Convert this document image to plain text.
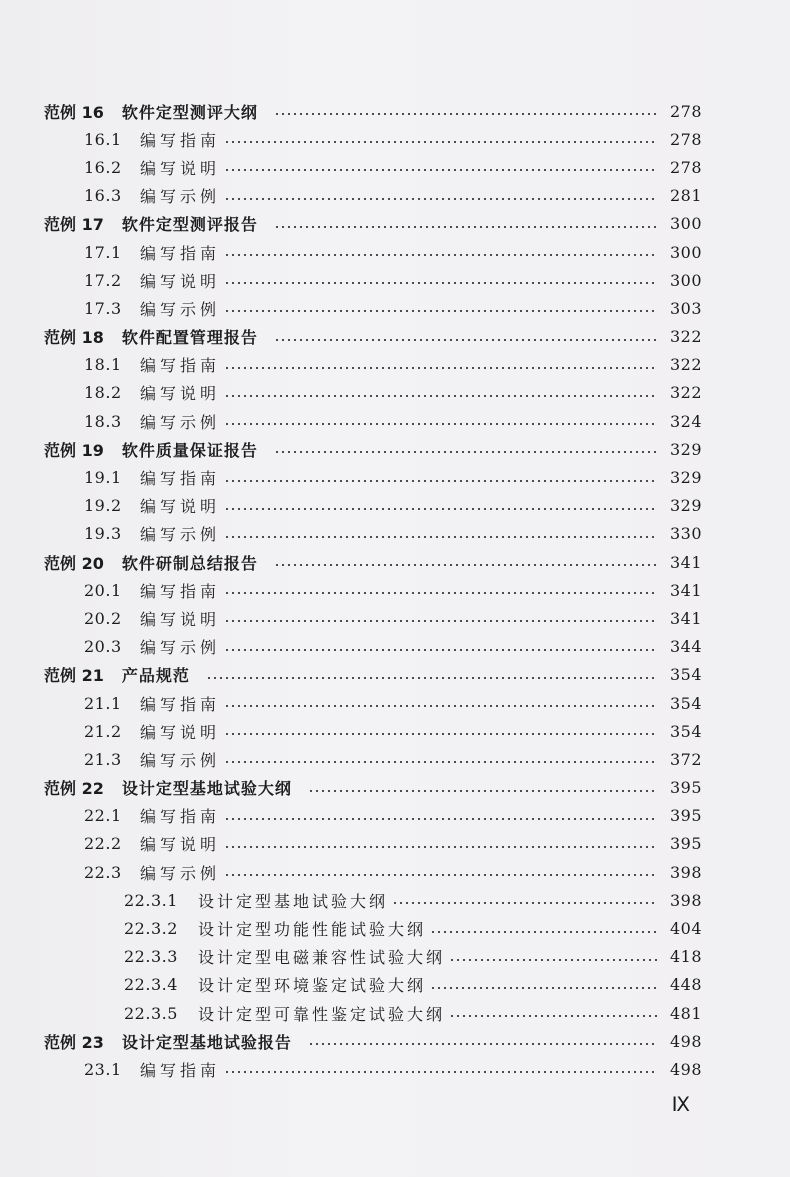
范例 16 软件定型测评大纲	278
16.1	编写指南	278
16.2	编写说明	278
16.3	编写示例	281
范例 17 软件定型测评报告	300
17.1	编写指南	300
17.2	编写说明	300
17.3	编写示例	303
范例 18 软件配置管理报告	322
18.1	编写指南	322
18.2	编写说明	322
18.3	编写示例	324
范例 19 软件质量保证报告	329
19.1	编写指南	329
19.2	编写说明	329
19.3	编写示例	330
范例 20 软件研制总结报告	341
20.1	编写指南	341
20.2	编写说明	341
20.3	编写示例	344
范例 21 产品规范	354
21.1	编写指南	354
21.2	编写说明	354
21.3	编写示例	372
范例 22 设计定型基地试验大纲	395
22.1	编写指南	395
22.2	编写说明	395
22.3	编写示例	398
22.3.1	设计定型基地试验大纲	398
22.3.2	设计定型功能性能试验大纲	404
22.3.3	设计定型电磁兼容性试验大纲	418
22.3.4	设计定型环境鉴定试验大纲	448
22.3.5	设计定型可靠性鉴定试验大纲	481
范例 23 设计定型基地试验报告	498
23.1	编写指南	498
Ⅸ
